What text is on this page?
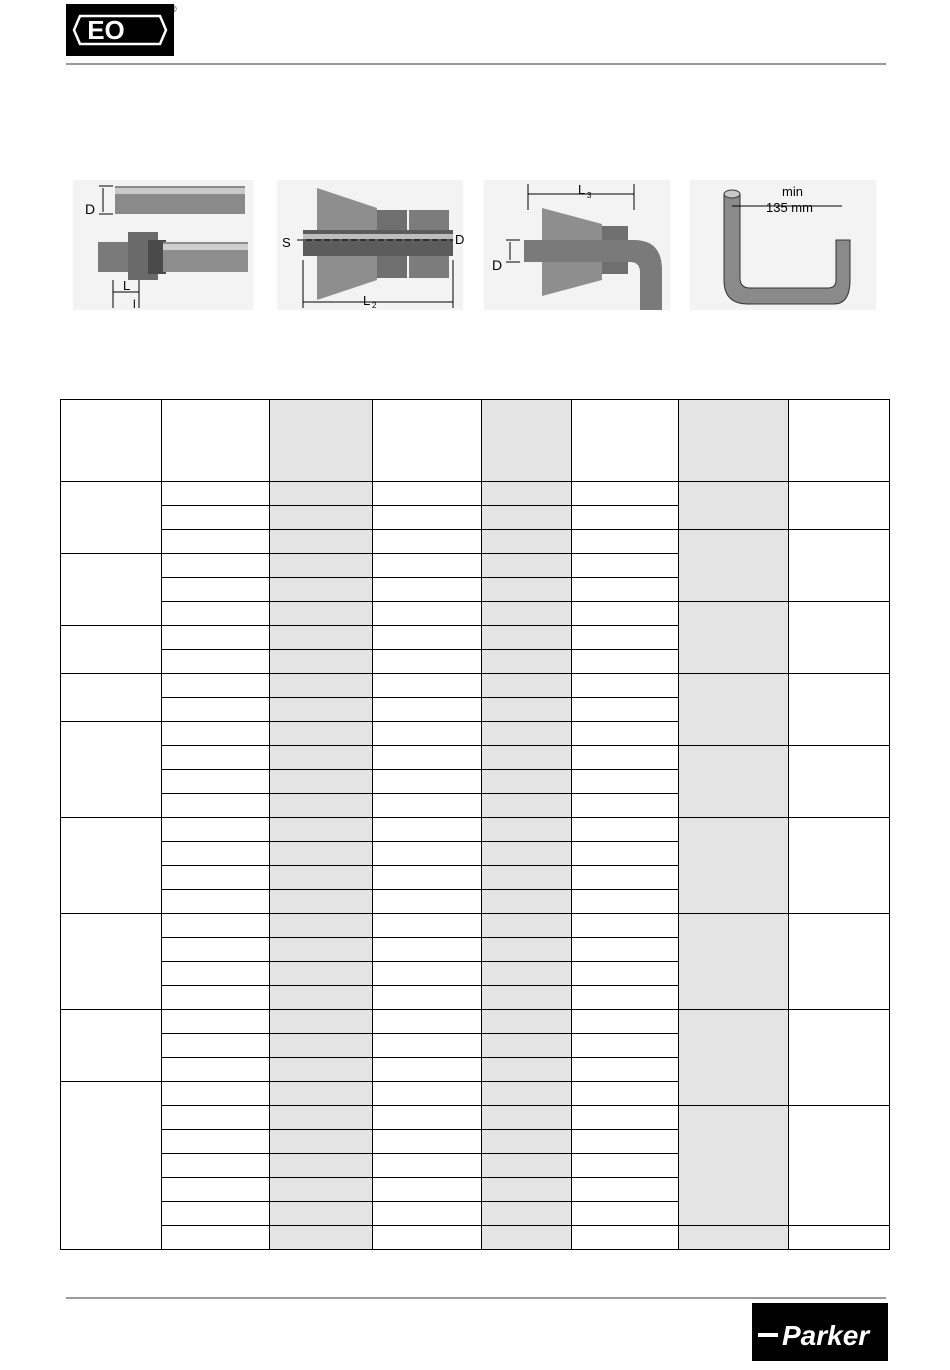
EO
®
®
D
L
l
S	D
L 2
L 3
D
min
135 mm

Parker
